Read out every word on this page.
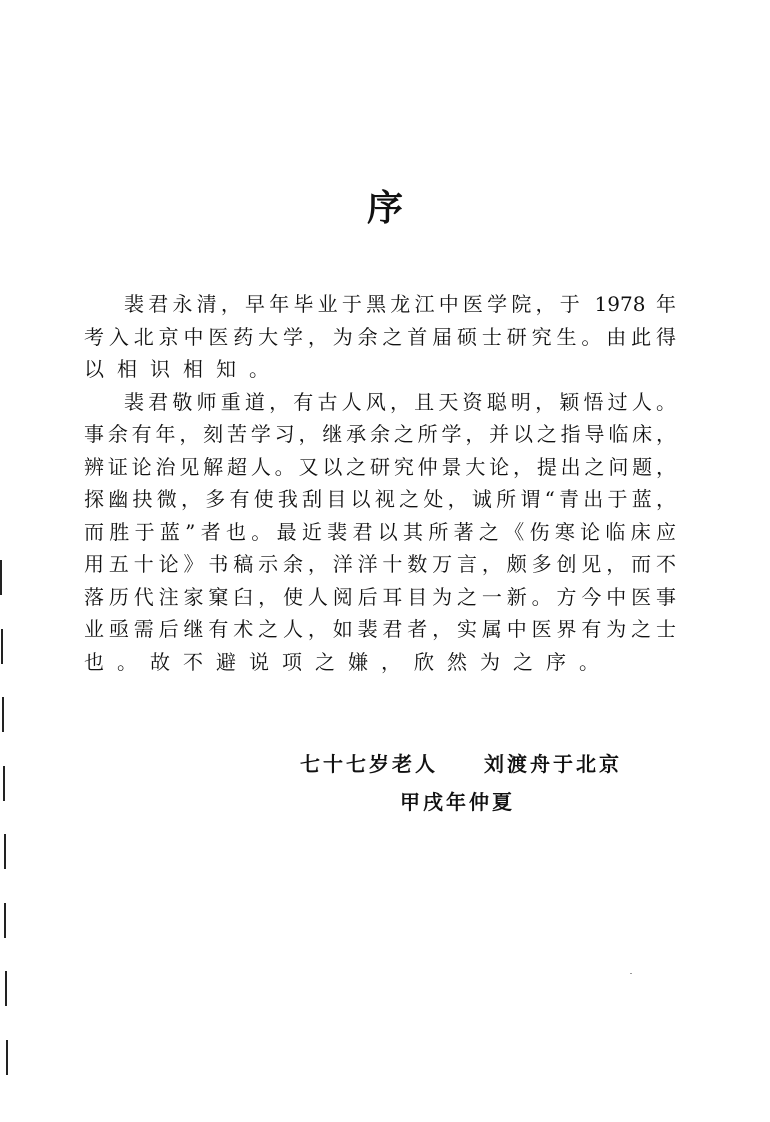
序
裴君永清，早年毕业于黑龙江中医学院，于 1978 年
考入北京中医药大学，为余之首届硕士研究生。由此得
以相识相知。
裴君敬师重道，有古人风，且天资聪明，颖悟过人。
事余有年，刻苦学习，继承余之所学，并以之指导临床，
辨证论治见解超人。又以之研究仲景大论，提出之问题，
探幽抉微，多有使我刮目以视之处，诚所谓“青出于蓝，
而胜于蓝”者也。最近裴君以其所著之《伤寒论临床应
用五十论》书稿示余，洋洋十数万言，颇多创见，而不
落历代注家窠臼，使人阅后耳目为之一新。方今中医事
业亟需后继有术之人，如裴君者，实属中医界有为之士
也。故不避说项之嫌，欣然为之序。
七十七岁老人　　刘渡舟于北京
甲戌年仲夏
